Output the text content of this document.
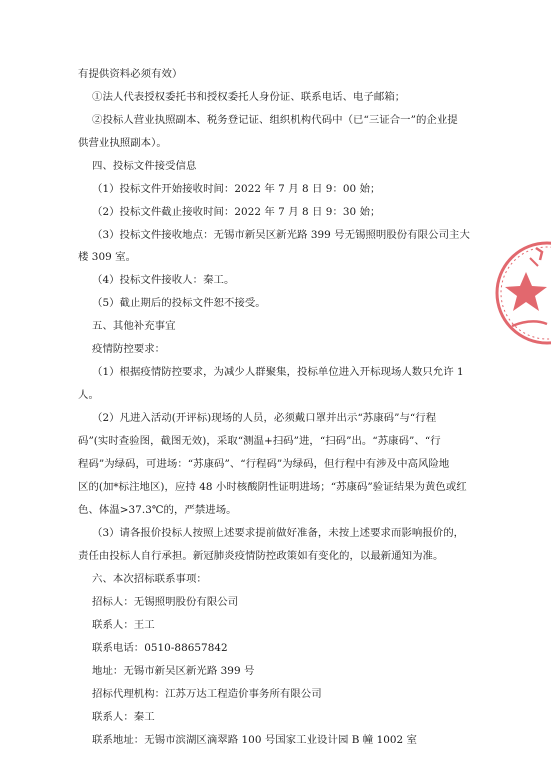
有提供资料必须有效）
①法人代表授权委托书和授权委托人身份证、联系电话、电子邮箱；
②投标人营业执照副本、税务登记证、组织机构代码中（已“三证合一”的企业提
供营业执照副本）。
四、投标文件接受信息
（1）投标文件开始接收时间：2022 年 7 月 8 日 9：00 始；
（2）投标文件截止接收时间：2022 年 7 月 8 日 9：30 始；
（3）投标文件接收地点：无锡市新吴区新光路 399 号无锡照明股份有限公司主大
楼 309 室。
（4）投标文件接收人：秦工。
（5）截止期后的投标文件恕不接受。
五、其他补充事宜
疫情防控要求：
（1）根据疫情防控要求，为减少人群聚集，投标单位进入开标现场人数只允许 1
人。
（2）凡进入活动(开评标)现场的人员，必须戴口罩并出示“苏康码”与“行程
码”(实时查验图，截图无效)，采取“测温+扫码”进，“扫码”出。“苏康码”、“行
程码”为绿码，可进场：“苏康码”、“行程码”为绿码，但行程中有涉及中高风险地
区的(加*标注地区)，应持 48 小时核酸阴性证明进场；“苏康码”验证结果为黄色或红
色、体温>37.3℃的，严禁进场。
（3）请各报价投标人按照上述要求提前做好准备，未按上述要求而影响报价的，
责任由投标人自行承担。新冠肺炎疫情防控政策如有变化的，以最新通知为准。
六、本次招标联系事项：
招标人：无锡照明股份有限公司
联系人：王工
联系电话：0510-88657842
地址：无锡市新吴区新光路 399 号
招标代理机构：江苏万达工程造价事务所有限公司
联系人：秦工
联系地址：无锡市滨湖区滴翠路 100 号国家工业设计园 B 幢 1002 室
